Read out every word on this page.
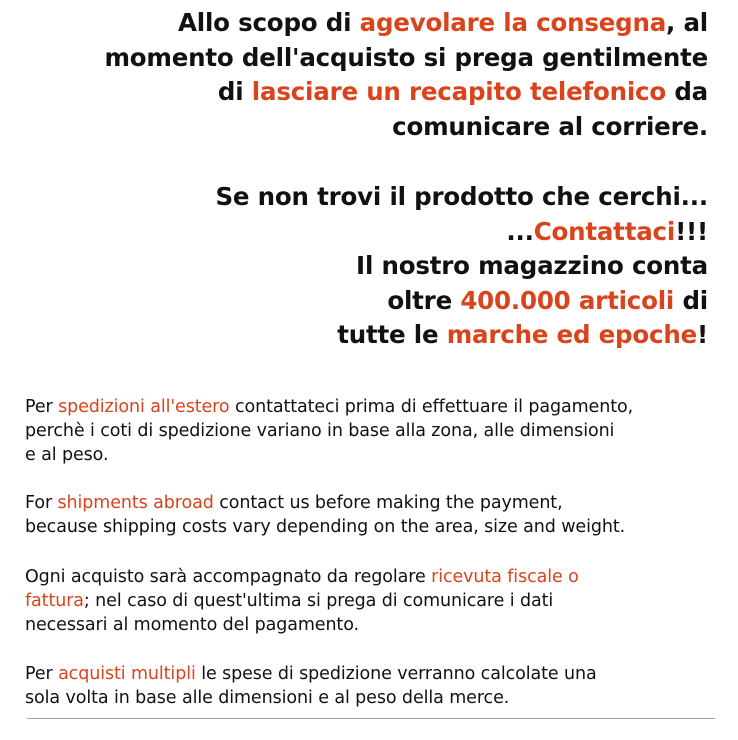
Allo scopo di agevolare la consegna, al
momento dell'acquisto si prega gentilmente
di lasciare un recapito telefonico da
comunicare al corriere.
Se non trovi il prodotto che cerchi...
...Contattaci!!!
Il nostro magazzino conta
oltre 400.000 articoli di
tutte le marche ed epoche!
Per spedizioni all'estero contattateci prima di effettuare il pagamento,
perchè i coti di spedizione variano in base alla zona, alle dimensioni
e al peso.
For shipments abroad contact us before making the payment,
because shipping costs vary depending on the area, size and weight.
Ogni acquisto sarà accompagnato da regolare ricevuta fiscale o
fattura; nel caso di quest'ultima si prega di comunicare i dati
necessari al momento del pagamento.
Per acquisti multipli le spese di spedizione verranno calcolate una
sola volta in base alle dimensioni e al peso della merce.
